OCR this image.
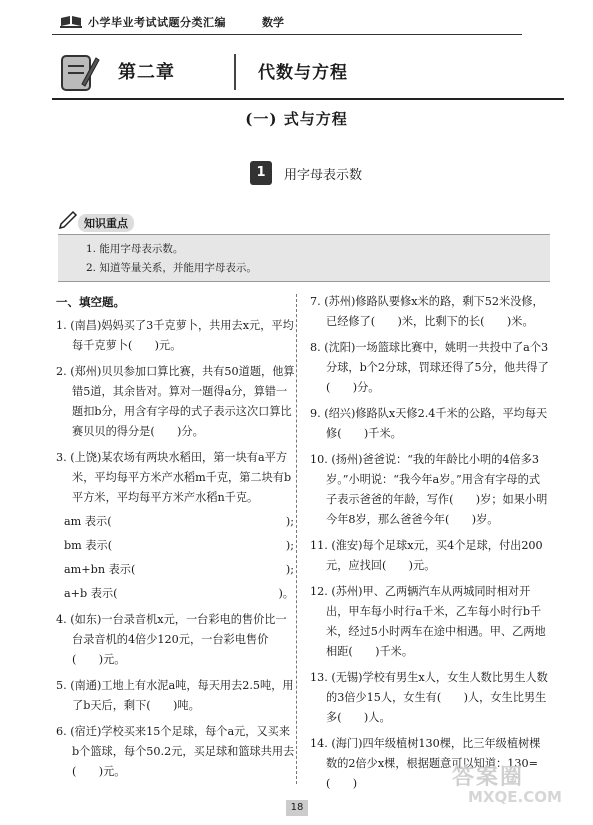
小学毕业考试试题分类汇编	数学
第二章	代数与方程
(一) 式与方程
1	用字母表示数
知识重点
1. 能用字母表示数。
2. 知道等量关系，并能用字母表示。
一、填空题。

1. (南昌)妈妈买了3千克萝卜，共用去x元，平均每千克萝卜(　　)元。

2. (郑州)贝贝参加口算比赛，共有50道题，他算错5道，其余皆对。算对一题得a分，算错一题扣b分，用含有字母的式子表示这次口算比赛贝贝的得分是(　　)分。

3. (上饶)某农场有两块水稻田，第一块有a平方米，平均每平方米产水稻m千克，第二块有b平方米，平均每平方米产水稻n千克。

am 表示(	);
bm 表示(	);
am+bn 表示(	);
a+b 表示(	)。

4. (如东)一台录音机x元，一台彩电的售价比一台录音机的4倍少120元，一台彩电售价(　　)元。

5. (南通)工地上有水泥a吨，每天用去2.5吨，用了b天后，剩下(　　)吨。

6. (宿迁)学校买来15个足球，每个a元，又买来b个篮球，每个50.2元，买足球和篮球共用去(　　)元。

7. (苏州)修路队要修x米的路，剩下52米没修，已经修了(　　)米，比剩下的长(　　)米。

8. (沈阳)一场篮球比赛中，姚明一共投中了a个3分球，b个2分球，罚球还得了5分，他共得了(　　)分。

9. (绍兴)修路队x天修2.4千米的公路，平均每天修(　　)千米。

10. (扬州)爸爸说：“我的年龄比小明的4倍多3岁。”小明说：“我今年a岁。”用含有字母的式子表示爸爸的年龄，写作(　　)岁；如果小明今年8岁，那么爸爸今年(　　)岁。

11. (淮安)每个足球x元，买4个足球，付出200元，应找回(　　)元。

12. (苏州)甲、乙两辆汽车从两城同时相对开出，甲车每小时行a千米，乙车每小时行b千米，经过5小时两车在途中相遇。甲、乙两地相距(　　)千米。

13. (无锡)学校有男生x人，女生人数比男生人数的3倍少15人，女生有(　　)人，女生比男生多(　　)人。

14. (海门)四年级植树130棵，比三年级植树棵数的2倍少x棵，根据题意可以知道：130=(　　)	答案圈
MXQE.COM
18
